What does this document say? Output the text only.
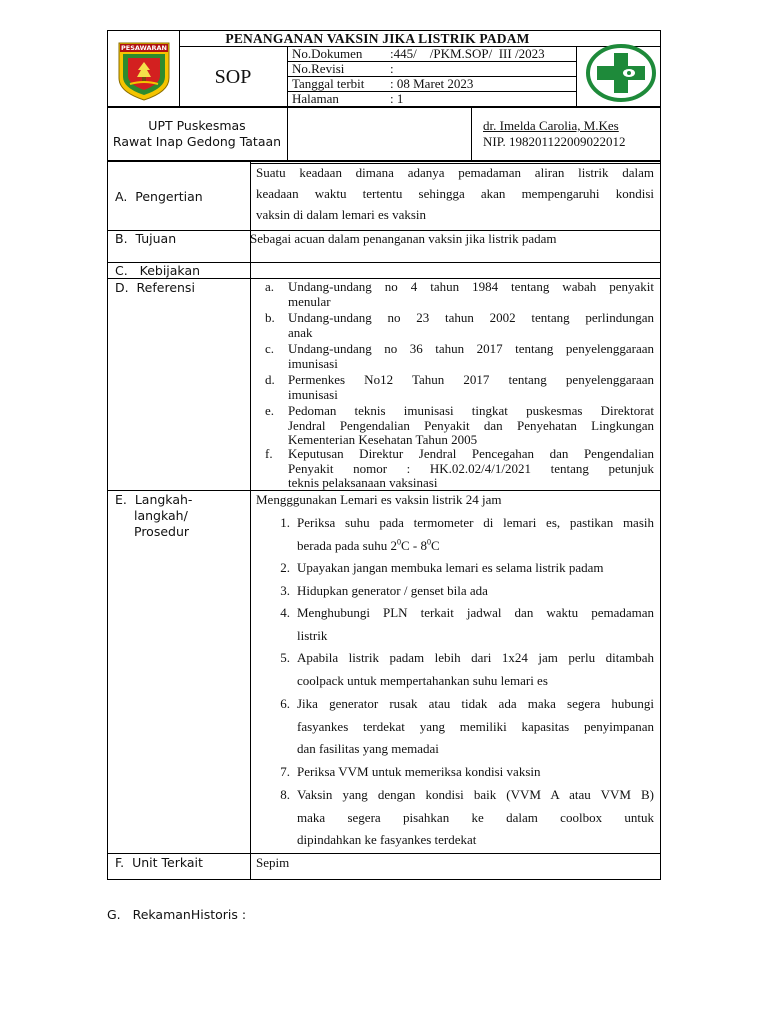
PESAWARAN
PENANGANAN VAKSIN JIKA LISTRIK PADAM
SOP
No.Dokumen :445/    /PKM.SOP/  III /2023
No.Revisi	:
Tanggal terbit : 08 Maret 2023
Halaman	: 1
UPT Puskesmas
Rawat Inap Gedong Tataan
dr. Imelda Carolia, M.Kes
NIP. 198201122009022012
A.  Pengertian
Suatu keadaan dimana adanya pemadaman aliran listrik dalam
keadaan waktu tertentu sehingga akan mempengaruhi kondisi
vaksin di dalam lemari es vaksin
B.  Tujuan	Sebagai acuan dalam penanganan vaksin jika listrik padam
C.   Kebijakan
D.  Referensi	a. Undang-undang no 4 tahun 1984 tentang wabah penyakit
menular
b. Undang-undang no 23 tahun 2002 tentang perlindungan
anak
c. Undang-undang no 36 tahun 2017 tentang penyelenggaraan
imunisasi
d. Permenkes No12 Tahun 2017 tentang penyelenggaraan
imunisasi
e. Pedoman teknis imunisasi tingkat puskesmas Direktorat
Jendral Pengendalian Penyakit dan Penyehatan Lingkungan
Kementerian Kesehatan Tahun 2005
f. Keputusan Direktur Jendral Pencegahan dan Pengendalian
Penyakit nomor : HK.02.02/4/1/2021 tentang petunjuk
teknis pelaksanaan vaksinasi
E.  Langkah-
langkah/
Prosedur
Mengggunakan Lemari es vaksin listrik 24 jam
1. Periksa suhu pada termometer di lemari es, pastikan masih
berada pada suhu $2^0C - 8^0C$
2. Upayakan jangan membuka lemari es selama listrik padam
3. Hidupkan generator / genset bila ada
4. Menghubungi PLN terkait jadwal dan waktu pemadaman
listrik
5. Apabila listrik padam lebih dari 1x24 jam perlu ditambah
coolpack untuk mempertahankan suhu lemari es
6. Jika generator rusak atau tidak ada maka segera hubungi
fasyankes terdekat yang memiliki kapasitas penyimpanan
dan fasilitas yang memadai
7. Periksa VVM untuk memeriksa kondisi vaksin
8. Vaksin yang dengan kondisi baik (VVM A atau VVM B)
maka segera pisahkan ke dalam coolbox untuk
dipindahkan ke fasyankes terdekat
F.  Unit Terkait	Sepim
G.   RekamanHistoris :
